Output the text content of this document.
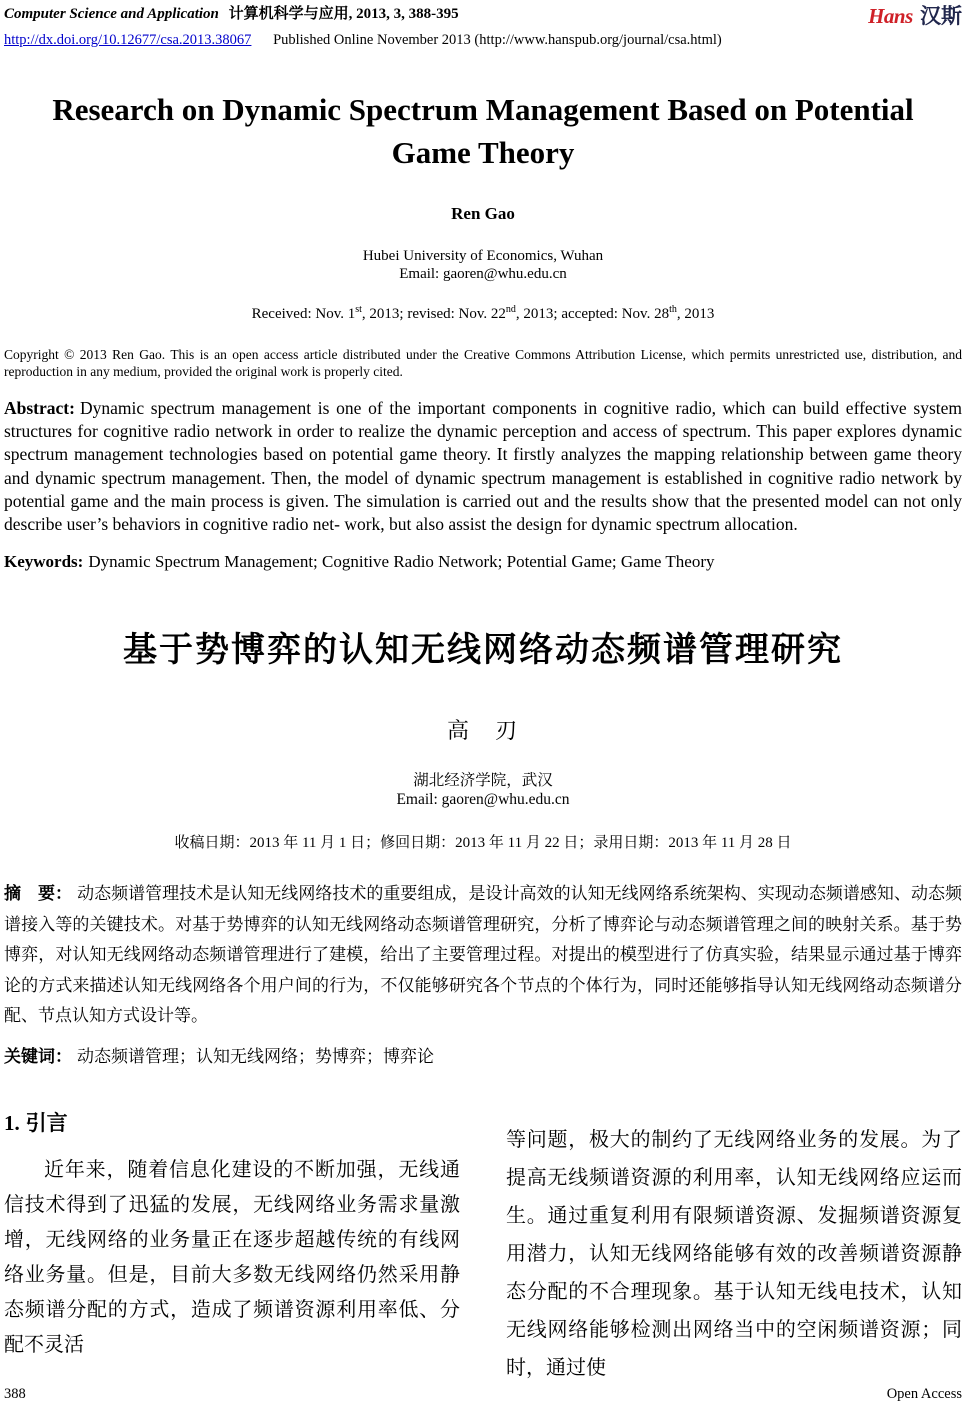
Computer Science and Application 计算机科学与应用, 2013, 3, 388-395	Hans 汉斯
http://dx.doi.org/10.12677/csa.2013.38067 Published Online November 2013 (http://www.hanspub.org/journal/csa.html)
Research on Dynamic Spectrum Management Based on Potential Game Theory
Ren Gao
Hubei University of Economics, Wuhan
Email: gaoren@whu.edu.cn
Received: Nov. 1st, 2013; revised: Nov. 22nd, 2013; accepted: Nov. 28th, 2013

Copyright © 2013 Ren Gao. This is an open access article distributed under the Creative Commons Attribution License, which permits unrestricted use, distribution, and reproduction in any medium, provided the original work is properly cited.

Abstract: Dynamic spectrum management is one of the important components in cognitive radio, which can build effective system structures for cognitive radio network in order to realize the dynamic perception and access of spectrum. This paper explores dynamic spectrum management technologies based on potential game theory. It firstly analyzes the mapping relationship between game theory and dynamic spectrum management. Then, the model of dynamic spectrum management is established in cognitive radio network by potential game and the main process is given. The simulation is carried out and the results show that the presented model can not only describe user’s behaviors in cognitive radio net- work, but also assist the design for dynamic spectrum allocation.

Keywords: Dynamic Spectrum Management; Cognitive Radio Network; Potential Game; Game Theory

基于势博弈的认知无线网络动态频谱管理研究
高　刃
湖北经济学院，武汉
Email: gaoren@whu.edu.cn
收稿日期：2013 年 11 月 1 日；修回日期：2013 年 11 月 22 日；录用日期：2013 年 11 月 28 日

摘　要： 动态频谱管理技术是认知无线网络技术的重要组成，是设计高效的认知无线网络系统架构、实现动态频谱感知、动态频谱接入等的关键技术。对基于势博弈的认知无线网络动态频谱管理研究，分析了博弈论与动态频谱管理之间的映射关系。基于势博弈，对认知无线网络动态频谱管理进行了建模，给出了主要管理过程。对提出的模型进行了仿真实验，结果显示通过基于博弈论的方式来描述认知无线网络各个用户间的行为，不仅能够研究各个节点的个体行为，同时还能够指导认知无线网络动态频谱分配、节点认知方式设计等。

关键词： 动态频谱管理；认知无线网络；势博弈；博弈论

1. 引言

近年来，随着信息化建设的不断加强，无线通信技术得到了迅猛的发展，无线网络业务需求量激增，无线网络的业务量正在逐步超越传统的有线网络业务量。但是，目前大多数无线网络仍然采用静态频谱分配的方式，造成了频谱资源利用率低、分配不灵活

等问题，极大的制约了无线网络业务的发展。为了提高无线频谱资源的利用率，认知无线网络应运而生。通过重复利用有限频谱资源、发掘频谱资源复用潜力，认知无线网络能够有效的改善频谱资源静态分配的不合理现象。基于认知无线电技术，认知无线网络能够检测出网络当中的空闲频谱资源；同时，通过使

388	Open Access
